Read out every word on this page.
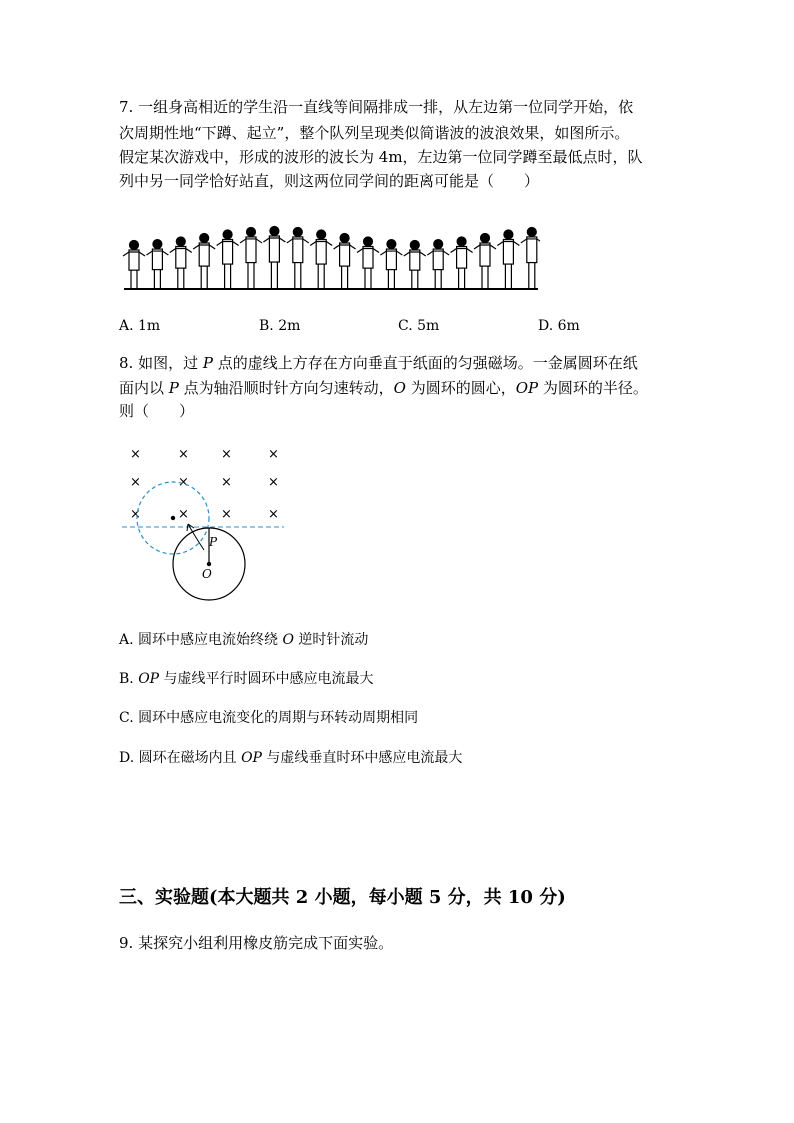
7. 一组身高相近的学生沿一直线等间隔排成一排，从左边第一位同学开始，依
次周期性地“下蹲、起立”，整个队列呈现类似简谐波的波浪效果，如图所示。
假定某次游戏中，形成的波形的波长为 4m，左边第一位同学蹲至最低点时，队
列中另一同学恰好站直，则这两位同学间的距离可能是（　　）
A. 1m	B. 2m	C. 5m	D. 6m
8. 如图，过 P 点的虚线上方存在方向垂直于纸面的匀强磁场。一金属圆环在纸
面内以 P 点为轴沿顺时针方向匀速转动，O 为圆环的圆心，OP 为圆环的半径。
则（　　）
×	× ×	×
×	× ×	×
×	× ×	×
P
O
A. 圆环中感应电流始终绕 O 逆时针流动
B. OP 与虚线平行时圆环中感应电流最大
C. 圆环中感应电流变化的周期与环转动周期相同
D. 圆环在磁场内且 OP 与虚线垂直时环中感应电流最大
三、实验题(本大题共 2 小题，每小题 5 分，共 10 分)
9. 某探究小组利用橡皮筋完成下面实验。
